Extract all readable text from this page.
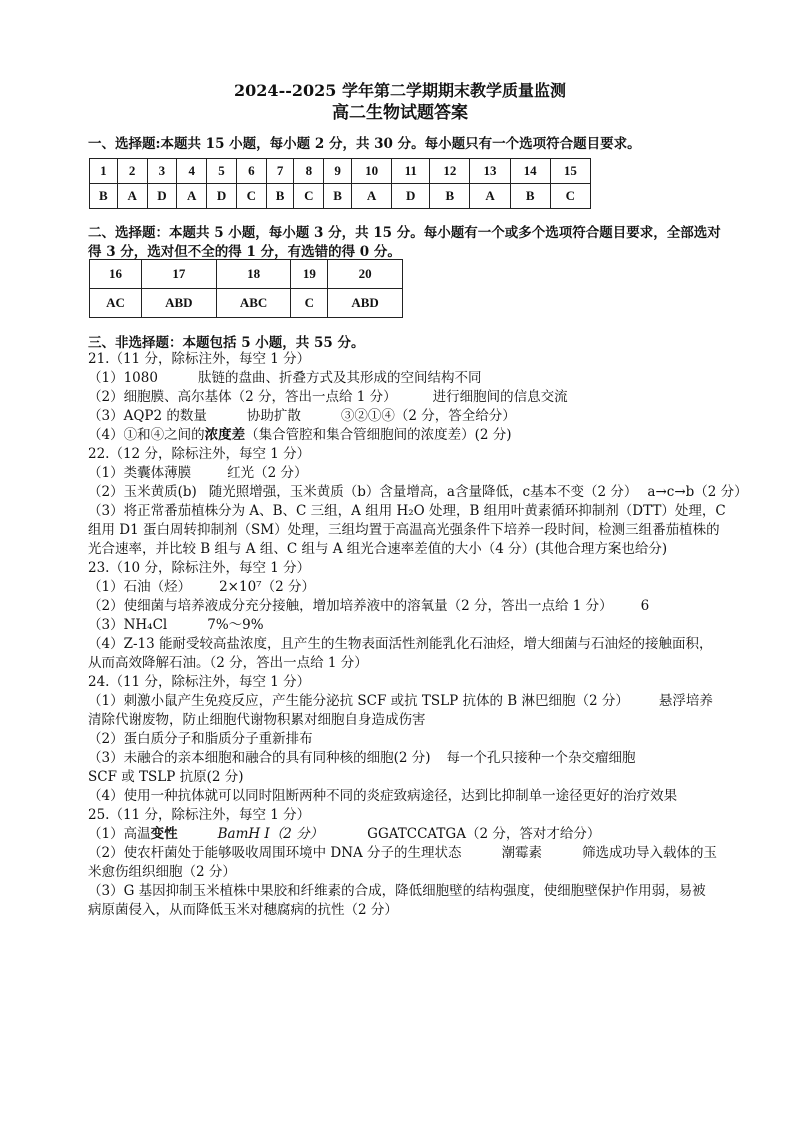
2024--2025 学年第二学期期末教学质量监测
高二生物试题答案
一、选择题:本题共 15 小题，每小题 2 分，共 30 分。每小题只有一个选项符合题目要求。
1	2	3	4	5	6	7	8	9	10	11	12	13	14	15
B	A	D	A	D	C	B	C	B	A	D	B	A	B	C
二、选择题：本题共 5 小题，每小题 3 分，共 15 分。每小题有一个或多个选项符合题目要求，全部选对
得 3 分，选对但不全的得 1 分，有选错的得 0 分。
16	17	18	19	20
AC	ABD	ABC	C	ABD
三、非选择题：本题包括 5 小题，共 55 分。
21.（11 分，除标注外，每空 1 分）
（1）1080	肽链的盘曲、折叠方式及其形成的空间结构不同
（2）细胞膜、高尔基体（2 分，答出一点给 1 分）	进行细胞间的信息交流
（3）AQP2 的数量	协助扩散	③②①④（2 分，答全给分）
（4）①和④之间的浓度差（集合管腔和集合管细胞间的浓度差）(2 分)
22.（12 分，除标注外，每空 1 分）
（1）类囊体薄膜	红光（2 分）
（2）玉米黄质(b) 随光照增强，玉米黄质（b）含量增高，a含量降低，c基本不变（2 分） a→c→b（2 分）
（3）将正常番茄植株分为 A、B、C 三组，A 组用 H₂O 处理，B 组用叶黄素循环抑制剂（DTT）处理，C
组用 D1 蛋白周转抑制剂（SM）处理，三组均置于高温高光强条件下培养一段时间，检测三组番茄植株的
光合速率，并比较 B 组与 A 组、C 组与 A 组光合速率差值的大小（4 分）(其他合理方案也给分)
23.（10 分，除标注外，每空 1 分）
（1）石油（烃） 2×10⁷（2 分）
（2）使细菌与培养液成分充分接触，增加培养液中的溶氧量（2 分，答出一点给 1 分） 6
（3）NH₄Cl	7%～9%
（4）Z-13 能耐受较高盐浓度，且产生的生物表面活性剂能乳化石油烃，增大细菌与石油烃的接触面积，
从而高效降解石油。（2 分，答出一点给 1 分）
24.（11 分，除标注外，每空 1 分）
（1）刺激小鼠产生免疫反应，产生能分泌抗 SCF 或抗 TSLP 抗体的 B 淋巴细胞（2 分） 悬浮培养
清除代谢废物，防止细胞代谢物积累对细胞自身造成伤害
（2）蛋白质分子和脂质分子重新排布
（3）未融合的亲本细胞和融合的具有同种核的细胞(2 分) 每一个孔只接种一个杂交瘤细胞
SCF 或 TSLP 抗原(2 分)
（4）使用一种抗体就可以同时阻断两种不同的炎症致病途径，达到比抑制单一途径更好的治疗效果
25.（11 分，除标注外，每空 1 分）
（1）高温变性	BamH I（2 分）	GGATCCATGA（2 分，答对才给分）
（2）使农杆菌处于能够吸收周围环境中 DNA 分子的生理状态	潮霉素	筛选成功导入载体的玉
米愈伤组织细胞（2 分）
（3）G 基因抑制玉米植株中果胶和纤维素的合成，降低细胞壁的结构强度，使细胞壁保护作用弱，易被
病原菌侵入，从而降低玉米对穗腐病的抗性（2 分）
